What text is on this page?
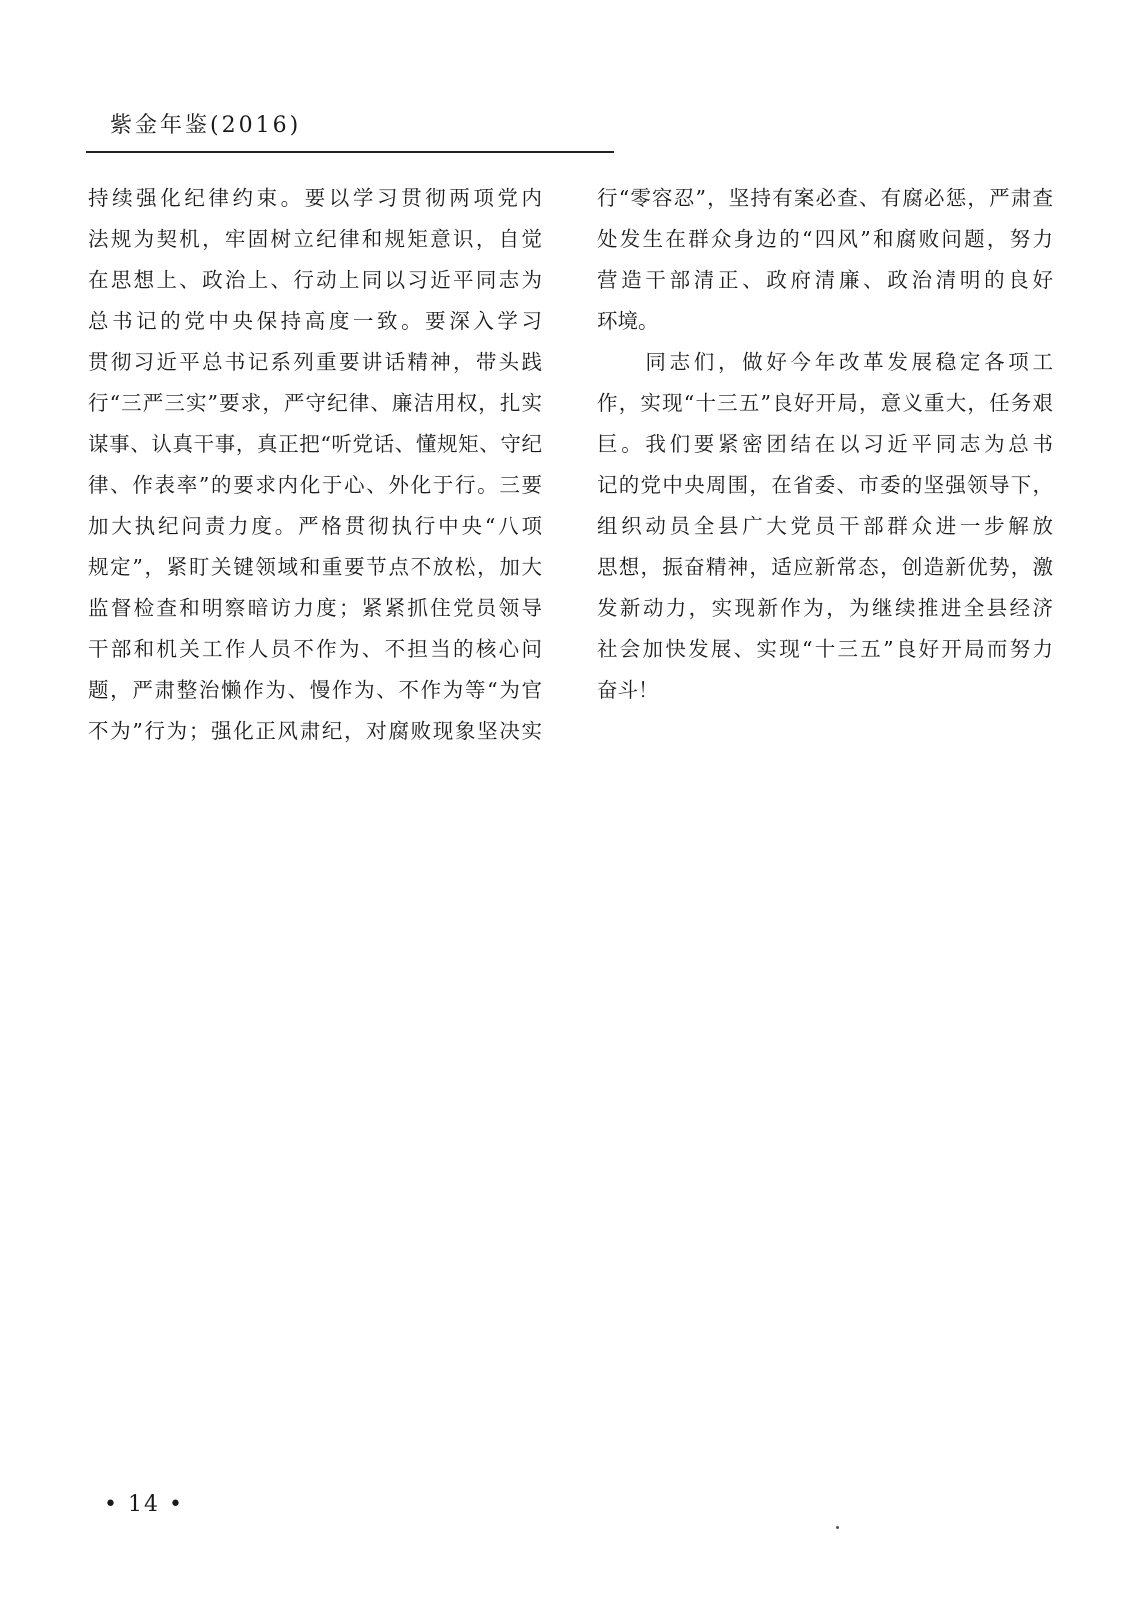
紫金年鉴(2016)
持续强化纪律约束。要以学习贯彻两项党内
法规为契机，牢固树立纪律和规矩意识，自觉
在思想上、政治上、行动上同以习近平同志为
总书记的党中央保持高度一致。要深入学习
贯彻习近平总书记系列重要讲话精神，带头践
行“三严三实”要求，严守纪律、廉洁用权，扎实
谋事、认真干事，真正把“听党话、懂规矩、守纪
律、作表率”的要求内化于心、外化于行。三要
加大执纪问责力度。严格贯彻执行中央“八项
规定”，紧盯关键领域和重要节点不放松，加大
监督检查和明察暗访力度；紧紧抓住党员领导
干部和机关工作人员不作为、不担当的核心问
题，严肃整治懒作为、慢作为、不作为等“为官
不为”行为；强化正风肃纪，对腐败现象坚决实
行“零容忍”，坚持有案必查、有腐必惩，严肃查
处发生在群众身边的“四风”和腐败问题，努力
营造干部清正、政府清廉、政治清明的良好
环境。
　　同志们，做好今年改革发展稳定各项工
作，实现“十三五”良好开局，意义重大，任务艰
巨。我们要紧密团结在以习近平同志为总书
记的党中央周围，在省委、市委的坚强领导下，
组织动员全县广大党员干部群众进一步解放
思想，振奋精神，适应新常态，创造新优势，激
发新动力，实现新作为，为继续推进全县经济
社会加快发展、实现“十三五”良好开局而努力
奋斗！
• 14 •
